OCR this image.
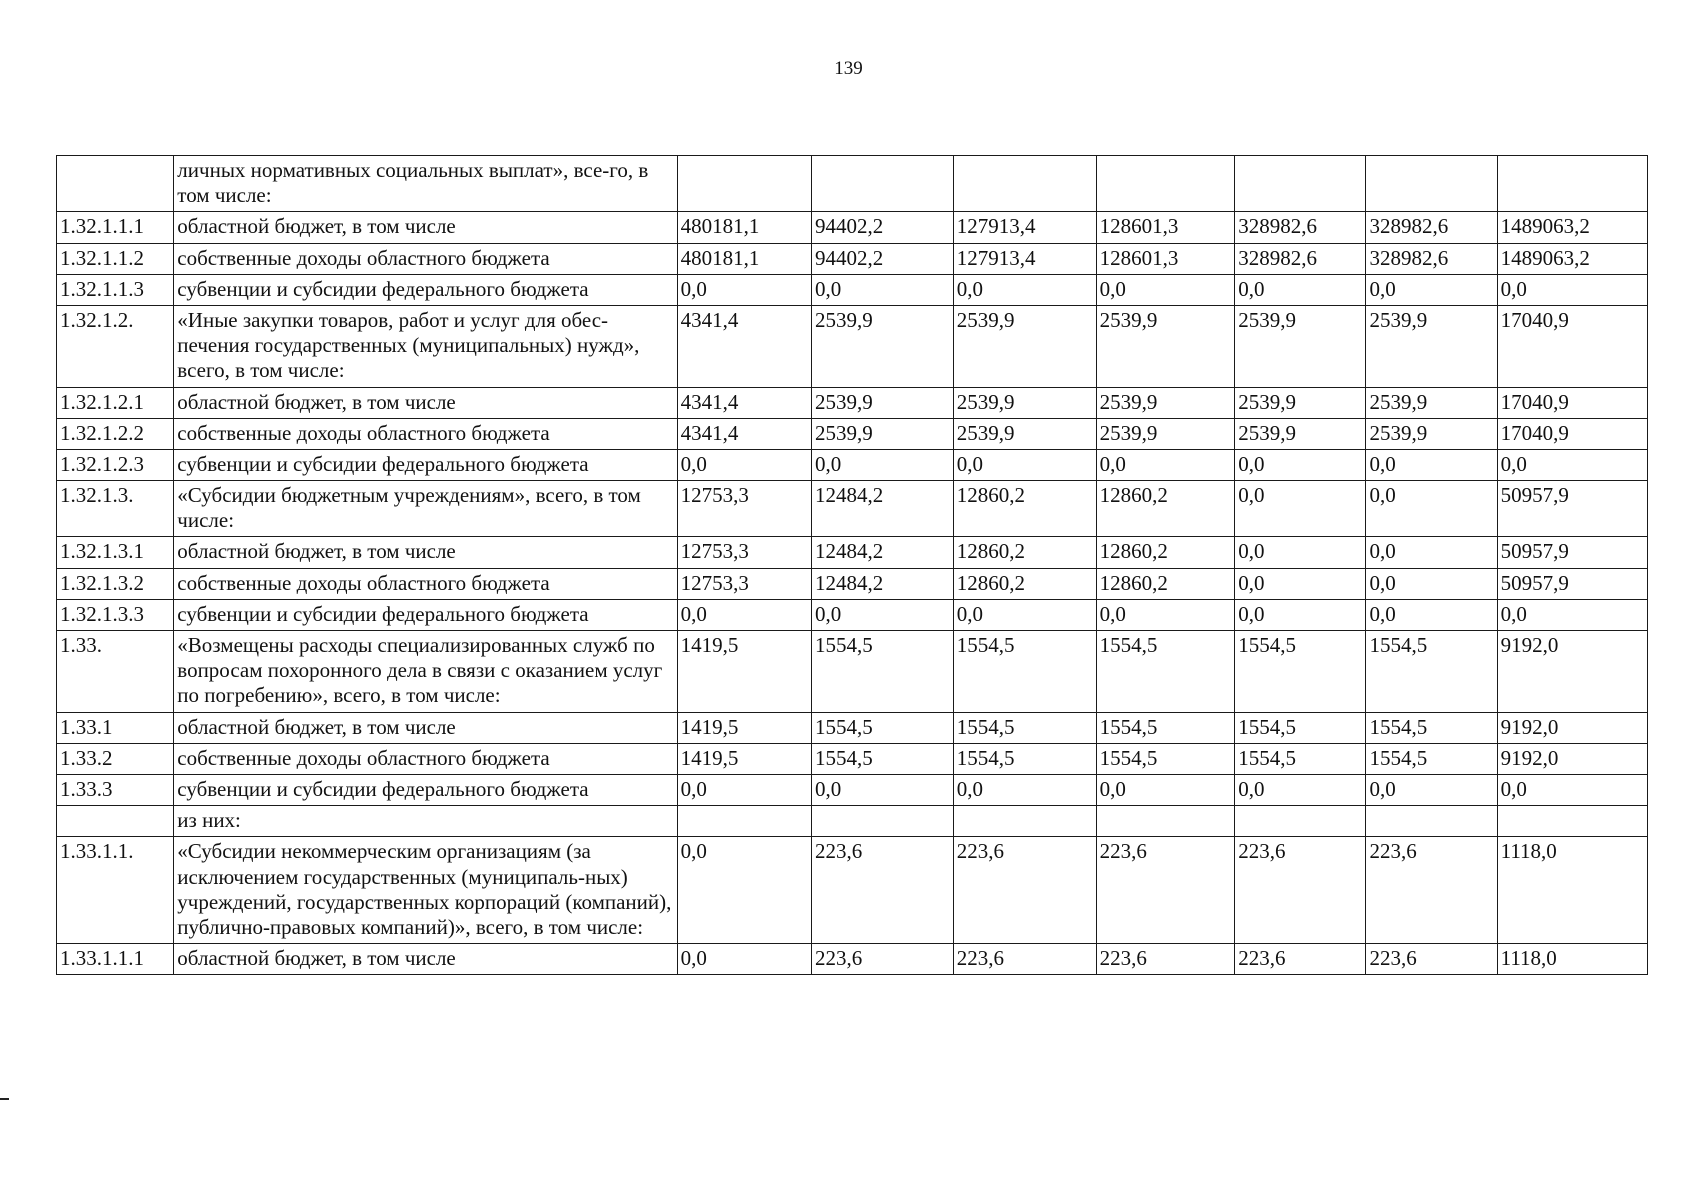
139
	личных нормативных социальных выплат», все-го, в том числе:							
1.32.1.1.1	областной бюджет, в том числе	480181,1	94402,2	127913,4	128601,3	328982,6	328982,6	1489063,2
1.32.1.1.2	собственные доходы областного бюджета	480181,1	94402,2	127913,4	128601,3	328982,6	328982,6	1489063,2
1.32.1.1.3	субвенции и субсидии федерального бюджета	0,0	0,0	0,0	0,0	0,0	0,0	0,0
1.32.1.2.	«Иные закупки товаров, работ и услуг для обес-печения государственных (муниципальных) нужд», всего, в том числе:	4341,4	2539,9	2539,9	2539,9	2539,9	2539,9	17040,9
1.32.1.2.1	областной бюджет, в том числе	4341,4	2539,9	2539,9	2539,9	2539,9	2539,9	17040,9
1.32.1.2.2	собственные доходы областного бюджета	4341,4	2539,9	2539,9	2539,9	2539,9	2539,9	17040,9
1.32.1.2.3	субвенции и субсидии федерального бюджета	0,0	0,0	0,0	0,0	0,0	0,0	0,0
1.32.1.3.	«Субсидии бюджетным учреждениям», всего, в том числе:	12753,3	12484,2	12860,2	12860,2	0,0	0,0	50957,9
1.32.1.3.1	областной бюджет, в том числе	12753,3	12484,2	12860,2	12860,2	0,0	0,0	50957,9
1.32.1.3.2	собственные доходы областного бюджета	12753,3	12484,2	12860,2	12860,2	0,0	0,0	50957,9
1.32.1.3.3	субвенции и субсидии федерального бюджета	0,0	0,0	0,0	0,0	0,0	0,0	0,0
1.33.	«Возмещены расходы специализированных служб по вопросам похоронного дела в связи с оказанием услуг по погребению», всего, в том числе:	1419,5	1554,5	1554,5	1554,5	1554,5	1554,5	9192,0
1.33.1	областной бюджет, в том числе	1419,5	1554,5	1554,5	1554,5	1554,5	1554,5	9192,0
1.33.2	собственные доходы областного бюджета	1419,5	1554,5	1554,5	1554,5	1554,5	1554,5	9192,0
1.33.3	субвенции и субсидии федерального бюджета	0,0	0,0	0,0	0,0	0,0	0,0	0,0
	из них:							
1.33.1.1.	«Субсидии некоммерческим организациям (за исключением государственных (муниципаль-ных) учреждений, государственных корпораций (компаний), публично-правовых компаний)», всего, в том числе:	0,0	223,6	223,6	223,6	223,6	223,6	1118,0
1.33.1.1.1	областной бюджет, в том числе	0,0	223,6	223,6	223,6	223,6	223,6	1118,0
